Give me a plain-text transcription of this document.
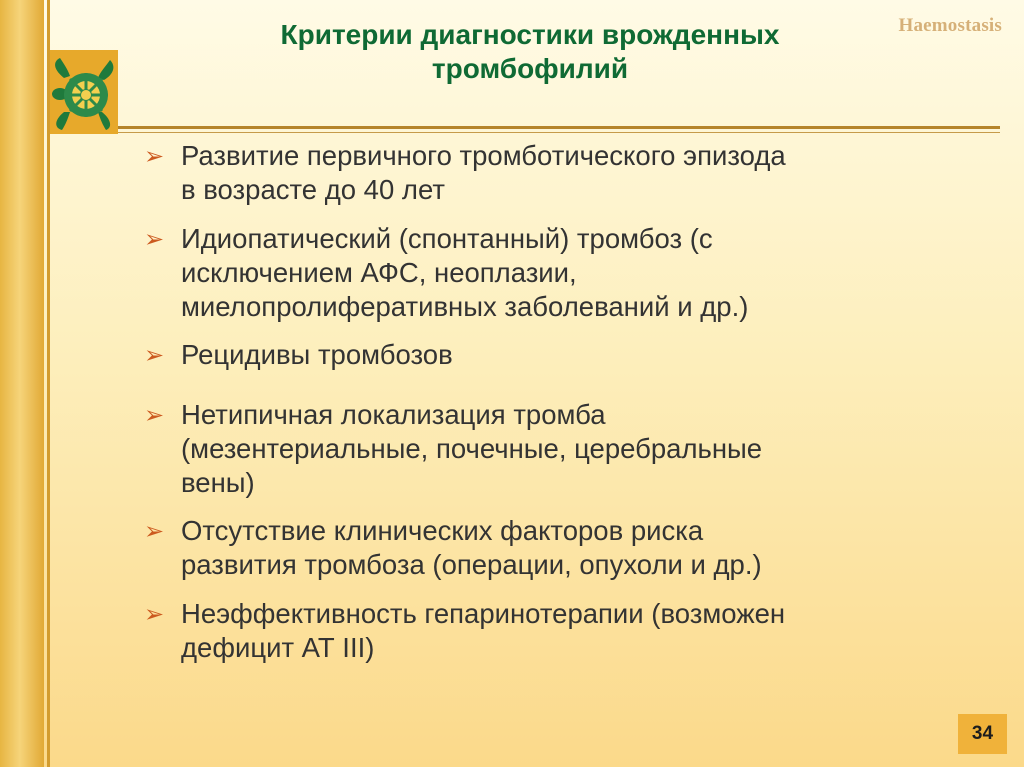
Haemostasis
Критерии диагностики врожденных
тромбофилий
➢ Развитие первичного тромботического эпизода
в возрасте до 40 лет
➢ Идиопатический (спонтанный) тромбоз (с
исключением АФС, неоплазии,
миелопролиферативных заболеваний и др.)
➢ Рецидивы тромбозов
➢ Нетипичная локализация тромба
(мезентериальные, почечные, церебральные
вены)
➢ Отсутствие клинических факторов риска
развития тромбоза (операции, опухоли и др.)
➢ Неэффективность гепаринотерапии (возможен
дефицит АТ III)
34
